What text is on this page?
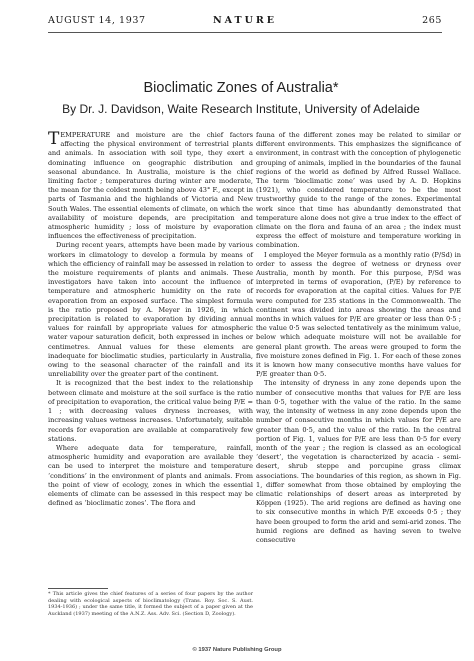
AUGUST 14, 1937	NATURE	265
Bioclimatic Zones of Australia*
By Dr. J. Davidson, Waite Research Institute, University of Adelaide

TEMPERATURE and moisture are the chief factors affecting the physical environment of terrestrial plants and animals. In association with soil type, they exert a dominating influence on geographic distribution and seasonal abundance. In Australia, moisture is the chief limiting factor ; temperatures during winter are moderate, the mean for the coldest month being above 43° F., except in parts of Tasmania and the highlands of Victoria and New South Wales. The essential elements of climate, on which the availability of moisture depends, are precipitation and atmospheric humidity ; loss of moisture by evaporation influences the effectiveness of precipitation.

During recent years, attempts have been made by various workers in climatology to develop a formula by means of which the efficiency of rainfall may be assessed in relation to the moisture requirements of plants and animals. These investigators have taken into account the influence of temperature and atmospheric humidity on the rate of evaporation from an exposed surface. The simplest formula is the ratio proposed by A. Meyer in 1926, in which precipitation is related to evaporation by dividing annual values for rainfall by appropriate values for atmospheric water vapour saturation deficit, both expressed in inches or centimetres. Annual values for these elements are inadequate for bioclimatic studies, particularly in Australia, owing to the seasonal character of the rainfall and its unreliability over the greater part of the continent.

It is recognized that the best index to the relationship between climate and moisture at the soil surface is the ratio of precipitation to evaporation, the critical value being P/E = 1 ; with decreasing values dryness increases, with increasing values wetness increases. Unfortunately, suitable records for evaporation are available at comparatively few stations.

Where adequate data for temperature, rainfall, atmospheric humidity and evaporation are available they can be used to interpret the moisture and temperature ‘conditions’ in the environment of plants and animals. From the point of view of ecology, zones in which the essential elements of climate can be assessed in this respect may be defined as ‘bioclimatic zones’. The flora and

fauna of the different zones may be related to similar or different environments. This emphasizes the significance of environment, in contrast with the conception of phylogenetic grouping of animals, implied in the boundaries of the faunal regions of the world as defined by Alfred Russel Wallace. The term ‘bioclimatic zone’ was used by A. D. Hopkins (1921), who considered temperature to be the most trustworthy guide to the range of the zones. Experimental work since that time has abundantly demonstrated that temperature alone does not give a true index to the effect of climate on the flora and fauna of an area ; the index must express the effect of moisture and temperature working in combination.

I employed the Meyer formula as a monthly ratio (P/Sd) in order to assess the degree of wetness or dryness over Australia, month by month. For this purpose, P/Sd was interpreted in terms of evaporation, (P/E) by reference to records for evaporation at the capital cities. Values for P/E were computed for 235 stations in the Commonwealth. The continent was divided into areas showing the areas and months in which values for P/E are greater or less than 0·5 ; the value 0·5 was selected tentatively as the minimum value, below which adequate moisture will not be available for general plant growth. The areas were grouped to form the five moisture zones defined in Fig. 1. For each of these zones it is known how many consecutive months have values for P/E greater than 0·5.

The intensity of dryness in any zone depends upon the number of consecutive months that values for P/E are less than 0·5, together with the value of the ratio. In the same way, the intensity of wetness in any zone depends upon the number of consecutive months in which values for P/E are greater than 0·5, and the value of the ratio. In the central portion of Fig. 1, values for P/E are less than 0·5 for every month of the year ; the region is classed as an ecological ‘desert’, the vegetation is characterized by acacia - semi-desert, shrub steppe and porcupine grass climax associations. The boundaries of this region, as shown in Fig. 1, differ somewhat from those obtained by employing the climatic relationships of desert areas as interpreted by Köppen (1925). The arid regions are defined as having one to six consecutive months in which P/E exceeds 0·5 ; they have been grouped to form the arid and semi-arid zones. The humid regions are defined as having seven to twelve consecutive

* This article gives the chief features of a series of four papers by the author dealing with ecological aspects of bioclimatology (Trans. Roy. Soc. S. Aust. 1934-1936) ; under the same title, it formed the subject of a paper given at the Auckland (1937) meeting of the A.N.Z. Ass. Adv. Sci. (Section D, Zoology).

© 1937 Nature Publishing Group
